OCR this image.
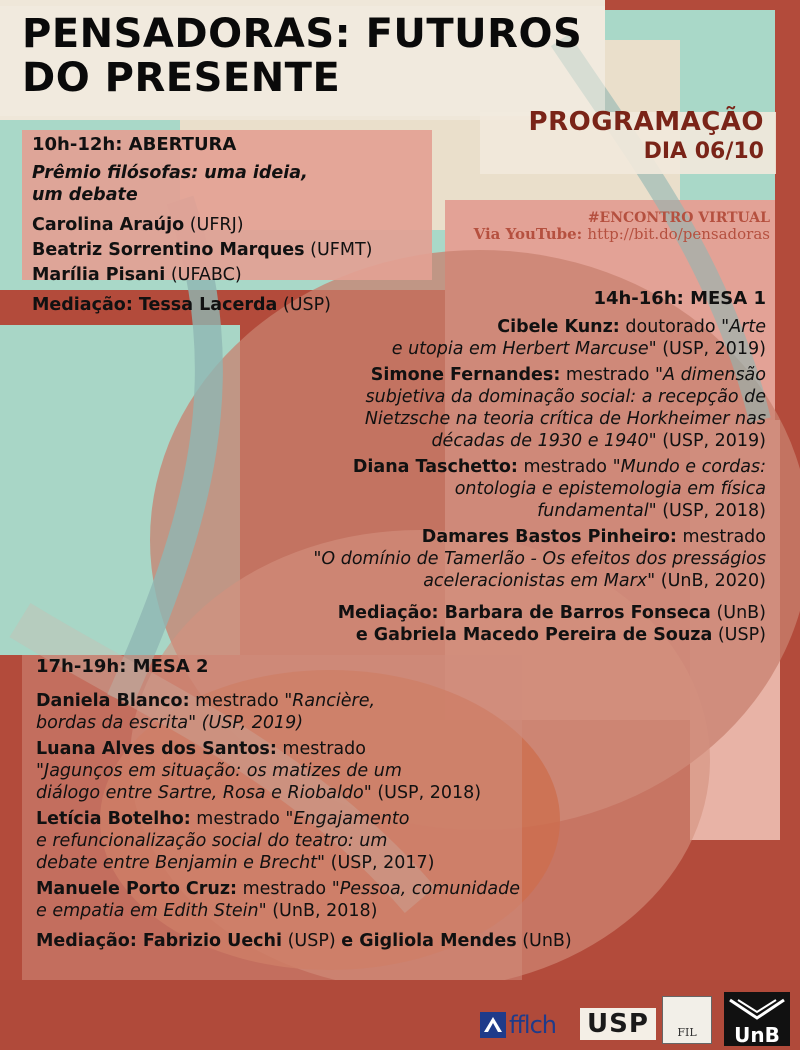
PENSADORAS: FUTUROS
DO PRESENTE
PROGRAMAÇÃO
DIA 06/10
#ENCONTRO VIRTUAL
Via YouTube: http://bit.do/pensadoras
10h-12h: ABERTURA
Prêmio filósofas: uma ideia,
um debate
Carolina Araújo (UFRJ)
Beatriz Sorrentino Marques (UFMT)
Marília Pisani (UFABC)
Mediação: Tessa Lacerda (USP)	14h-16h: MESA 1
Cibele Kunz: doutorado "Arte
e utopia em Herbert Marcuse" (USP, 2019)
Simone Fernandes: mestrado "A dimensão
subjetiva da dominação social: a recepção de
Nietzsche na teoria crítica de Horkheimer nas
décadas de 1930 e 1940" (USP, 2019)
Diana Taschetto: mestrado "Mundo e cordas:
ontologia e epistemologia em física
fundamental" (USP, 2018)
Damares Bastos Pinheiro: mestrado
"O domínio de Tamerlão - Os efeitos dos presságios
aceleracionistas em Marx" (UnB, 2020)
Mediação: Barbara de Barros Fonseca (UnB)
e Gabriela Macedo Pereira de Souza (USP)
17h-19h: MESA 2
Daniela Blanco: mestrado "Rancière,
bordas da escrita" (USP, 2019)
Luana Alves dos Santos: mestrado
"Jagunços em situação: os matizes de um
diálogo entre Sartre, Rosa e Riobaldo" (USP, 2018)
Letícia Botelho: mestrado "Engajamento
e refuncionalização social do teatro: um
debate entre Benjamin e Brecht" (USP, 2017)
Manuele Porto Cruz: mestrado "Pessoa, comunidade
e empatia em Edith Stein" (UnB, 2018)
Mediação: Fabrizio Uechi (USP) e Gigliola Mendes (UnB)
fflch USP	FIL UnB
